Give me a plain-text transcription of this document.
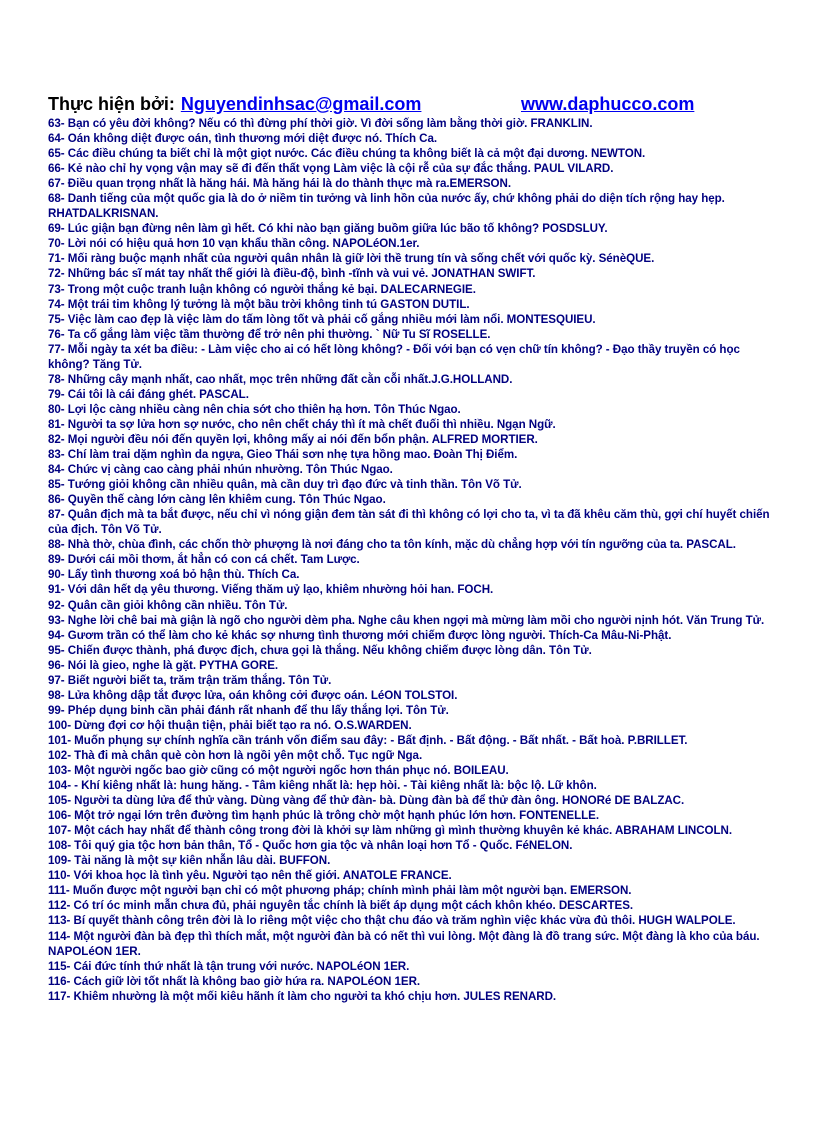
Thực hiện bởi: Nguyendinhsac@gmail.com	www.daphucco.com
63- Bạn có yêu đời không? Nếu có thì đừng phí thời giờ. Vì đời sống làm bằng thời giờ. FRANKLIN.
64- Oán không diệt được oán, tình thương mới diệt được nó. Thích Ca.
65- Các điều chúng ta biết chỉ là một giọt nước. Các điều chúng ta không biết là cả một đại dương. NEWTON.
66- Kẻ nào chỉ hy vọng vận may sẽ đi đến thất vọng Làm việc là cội rễ của sự đắc thắng. PAUL VILARD.
67- Điều quan trọng nhất là hăng hái. Mà hăng hái là do thành thực mà ra.EMERSON.
68- Danh tiếng của một quốc gia là do ở niềm tin tưởng và linh hồn của nước ấy, chứ không phải do diện tích rộng hay hẹp. RHATDALKRISNAN.
69- Lúc giận bạn đừng nên làm gì hết. Có khi nào bạn giăng buồm giữa lúc bão tố không? POSDSLUY.
70- Lời nói có hiệu quả hơn 10 vạn khẩu thần công. NAPOLéON.1er.
71- Mối ràng buộc mạnh nhất của người quân nhân là giữ lời thề trung tín và sống chết với quốc kỳ. SénèQUE.
72- Những bác sĩ mát tay nhất thế giới là điều-độ, bình -tĩnh và vui vẻ. JONATHAN SWIFT.
73- Trong một cuộc tranh luận không có người thắng kẻ bại. DALECARNEGIE.
74- Một trái tim không lý tưởng là một bầu trời không tinh tú GASTON DUTIL.
75- Việc làm cao đẹp là việc làm do tấm lòng tốt và phải cố gắng nhiều mới làm nổi. MONTESQUIEU.
76- Ta cố gắng làm việc tầm thường để trở nên phi thường. ` Nữ Tu Sĩ ROSELLE.
77- Mỗi ngày ta xét ba điều: - Làm việc cho ai có hết lòng không? - Đối với bạn có vẹn chữ tín không? - Đạo thầy truyền có học không? Tăng Tử.
78- Những cây mạnh nhất, cao nhất, mọc trên những đất cằn cỗi nhất.J.G.HOLLAND.
79- Cái tôi là cái đáng ghét. PASCAL.
80- Lợi lộc càng nhiều càng nên chia sớt cho thiên hạ hơn. Tôn Thúc Ngao.
81- Người ta sợ lửa hơn sợ nước, cho nên chết cháy thì ít mà chết đuối thì nhiều. Ngạn Ngữ.
82- Mọi người đều nói đến quyền lợi, không mấy ai nói đến bổn phận. ALFRED MORTIER.
83- Chí làm trai dặm nghìn da ngựa, Gieo Thái sơn nhẹ tựa hồng mao. Đoàn Thị Điểm.
84- Chức vị càng cao càng phải nhún nhường. Tôn Thúc Ngao.
85- Tướng giỏi không cần nhiều quân, mà cần duy trì đạo đức và tinh thần. Tôn Võ Tử.
86- Quyền thế càng lớn càng lên khiêm cung. Tôn Thúc Ngao.
87- Quân địch mà ta bắt được, nếu chỉ vì nóng giận đem tàn sát đi thì không có lợi cho ta, vì ta đã khêu căm thù, gợi chí huyết chiến của địch. Tôn Võ Tử.
88- Nhà thờ, chùa đình, các chốn thờ phượng là nơi đáng cho ta tôn kính, mặc dù chẳng hợp với tín ngưỡng của ta. PASCAL.
89- Dưới cái mồi thơm, ắt hẳn có con cá chết. Tam Lược.
90- Lấy tình thương xoá bỏ hận thù. Thích Ca.
91- Với dân hết dạ yêu thương. Viếng thăm uỷ lạo, khiêm nhường hỏi han. FOCH.
92- Quân cần giỏi không cần nhiều. Tôn Tử.
93- Nghe lời chê bai mà giận là ngõ cho người dèm pha. Nghe câu khen ngợi mà mừng làm mồi cho người nịnh hót. Văn Trung Tử.
94- Gươm trần có thể làm cho kẻ khác sợ nhưng tình thương mới chiếm được lòng người. Thích-Ca Mâu-Ni-Phật.
95- Chiến được thành, phá được địch, chưa gọi là thắng. Nếu không chiếm được lòng dân. Tôn Tử.
96- Nói là gieo, nghe là gặt. PYTHA GORE.
97- Biết người biết ta, trăm trận trăm thắng. Tôn Tử.
98- Lửa không dập tắt được lửa, oán không cởi được oán. LéON TOLSTOI.
99- Phép dụng binh cần phải đánh rất nhanh để thu lấy thắng lợi. Tôn Tử.
100- Dừng đợi cơ hội thuận tiện, phải biết tạo ra nó. O.S.WARDEN.
101- Muốn phụng sự chính nghĩa cần tránh vốn điểm sau đây: - Bất định. - Bất động. - Bất nhất. - Bất hoà. P.BRILLET.
102- Thà đi mà chân què còn hơn là ngồi yên một chỗ. Tục ngữ Nga.
103- Một người ngốc bao giờ cũng có một người ngốc hơn thán phục nó. BOILEAU.
104- - Khí kiêng nhất là: hung hăng. - Tâm kiêng nhất là: hẹp hòi. - Tài kiêng nhất là: bộc lộ. Lữ khôn.
105- Người ta dùng lửa để thử vàng. Dùng vàng để thử đàn- bà. Dùng đàn bà để thử đàn ông. HONORé DE BALZAC.
106- Một trở ngại lớn trên đường tìm hạnh phúc là trông chờ một hạnh phúc lớn hơn. FONTENELLE.
107- Một cách hay nhất để thành công trong đời là khởi sự làm những gì mình thường khuyên kẻ khác. ABRAHAM LINCOLN.
108- Tôi quý gia tộc hơn bản thân, Tổ - Quốc hơn gia tộc và nhân loại hơn Tổ - Quốc. FéNELON.
109- Tài năng là một sự kiên nhẫn lâu dài. BUFFON.
110- Với khoa học là tình yêu. Người tạo nên thế giới. ANATOLE FRANCE.
111- Muốn được một người bạn chỉ có một phương pháp; chính mình phải làm một người bạn. EMERSON.
112- Có trí óc minh mẫn chưa đủ, phải nguyên tắc chính là biết áp dụng một cách khôn khéo. DESCARTES.
113- Bí quyết thành công trên đời là lo riêng một việc cho thật chu đáo và trăm nghìn việc khác vừa đủ thôi. HUGH WALPOLE.
114- Một người đàn bà đẹp thì thích mắt, một người đàn bà có nết thì vui lòng. Một đàng là đồ trang sức. Một đàng là kho của báu. NAPOLéON 1ER.
115- Cái đức tính thứ nhất là tận trung với nước. NAPOLéON 1ER.
116- Cách giữ lời tốt nhất là không bao giờ hứa ra. NAPOLéON 1ER.
117- Khiêm nhường là một mối kiêu hãnh ít làm cho người ta khó chịu hơn. JULES RENARD.
